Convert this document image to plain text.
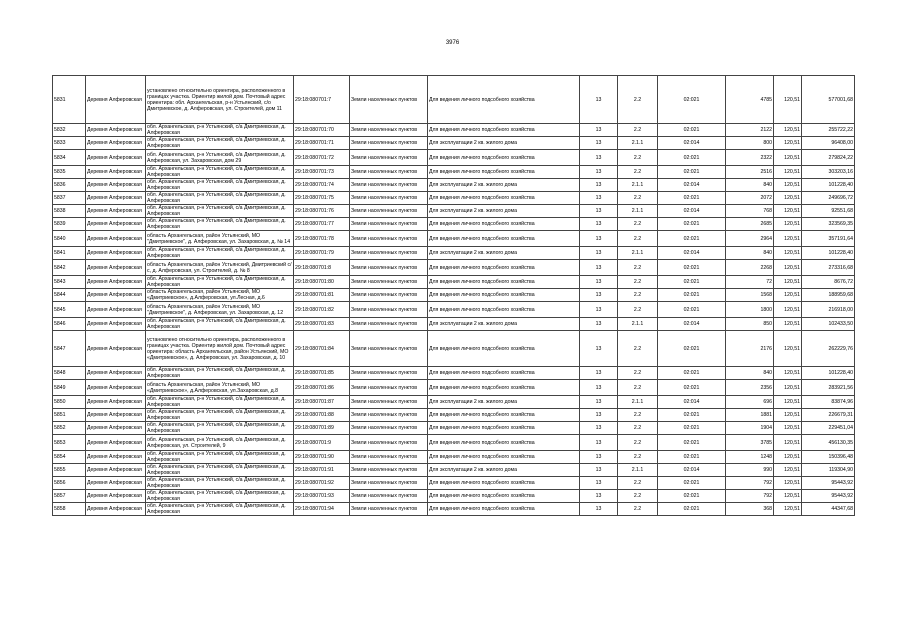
3976
5831	Деревня Алферовская	установлено относительно ориентира, расположенного в границах участка. Ориентир жилой дом. Почтовый адрес ориентира: обл. Архангельская, р-н Устьянский, с/о Дмитриевское, д. Алферовская, ул. Строителей, дом 11	29:18:080701:7	Земли населенных пунктов	Для ведения личного подсобного хозяйства	13	2.2	02:021	4785	120,51	577001,68
5832	Деревня Алферовская	обл. Архангельская, р-н Устьянский, с/а Дмитриевская, д. Алферовская	29:18:080701:70	Земли населенных пунктов	Для ведения личного подсобного хозяйства	13	2.2	02:021	2122	120,51	255722,22
5833	Деревня Алферовская	обл. Архангельская, р-н Устьянский, с/а Дмитриевская, д. Алферовская	29:18:080701:71	Земли населенных пунктов	Для эксплуатации 2 кв. жилого дома	13	2.1.1	02:014	800	120,51	96408,00
5834	Деревня Алферовская	обл. Архангельская, р-н Устьянский, с/а Дмитриевская, д. Алферовская, ул. Захаровская, дом 29	29:18:080701:72	Земли населенных пунктов	Для ведения личного подсобного хозяйства	13	2.2	02:021	2322	120,51	279824,22
5835	Деревня Алферовская	обл. Архангельская, р-н Устьянский, с/а Дмитриевская, д. Алферовская	29:18:080701:73	Земли населенных пунктов	Для ведения личного подсобного хозяйства	13	2.2	02:021	2516	120,51	303203,16
5836	Деревня Алферовская	обл. Архангельская, р-н Устьянский, с/а Дмитриевская, д. Алферовская	29:18:080701:74	Земли населенных пунктов	Для эксплуатации 2 кв. жилого дома	13	2.1.1	02:014	840	120,51	101228,40
5837	Деревня Алферовская	обл. Архангельская, р-н Устьянский, с/а Дмитриевская, д. Алферовская	29:18:080701:75	Земли населенных пунктов	Для ведения личного подсобного хозяйства	13	2.2	02:021	2072	120,51	249696,72
5838	Деревня Алферовская	обл. Архангельская, р-н Устьянский, с/а Дмитриевская, д. Алферовская	29:18:080701:76	Земли населенных пунктов	Для эксплуатации 2 кв. жилого дома	13	2.1.1	02:014	768	120,51	92551,68
5839	Деревня Алферовская	обл. Архангельская, р-н Устьянский, с/а Дмитриевская, д. Алферовская	29:18:080701:77	Земли населенных пунктов	Для ведения личного подсобного хозяйства	13	2.2	02:021	2685	120,51	323569,35
5840	Деревня Алферовская	область Архангельская, район Устьянский, МО "Дмитриевское", д. Алферовская, ул. Захаровская, д. № 14	29:18:080701:78	Земли населенных пунктов	Для ведения личного подсобного хозяйства	13	2.2	02:021	2964	120,51	357191,64
5841	Деревня Алферовская	обл. Архангельская, р-н Устьянский, с/а Дмитриевская, д. Алферовская	29:18:080701:79	Земли населенных пунктов	Для эксплуатации 2 кв. жилого дома	13	2.1.1	02:014	840	120,51	101228,40
5842	Деревня Алферовская	область Архангельская, район Устьянский, Дмитриевский с/с, д. Алферовская, ул. Строителей, д. № 8	29:18:080701:8	Земли населенных пунктов	Для ведения личного подсобного хозяйства	13	2.2	02:021	2268	120,51	273316,68
5843	Деревня Алферовская	обл. Архангельская, р-н Устьянский, с/а Дмитриевская, д. Алферовская	29:18:080701:80	Земли населенных пунктов	Для ведения личного подсобного хозяйства	13	2.2	02:021	72	120,51	8676,72
5844	Деревня Алферовская	область Архангельская, район Устьянский, МО «Дмитриевское», д.Алферовская, ул.Лесная, д.6	29:18:080701:81	Земли населенных пунктов	Для ведения личного подсобного хозяйства	13	2.2	02:021	1568	120,51	188959,68
5845	Деревня Алферовская	область Архангельская, район Устьянский, МО "Дмитриевское", д. Алферовская, ул. Захаровская, д. 12	29:18:080701:82	Земли населенных пунктов	Для ведения личного подсобного хозяйства	13	2.2	02:021	1800	120,51	216918,00
5846	Деревня Алферовская	обл. Архангельская, р-н Устьянский, с/а Дмитриевская, д. Алферовская	29:18:080701:83	Земли населенных пунктов	Для эксплуатации 2 кв. жилого дома	13	2.1.1	02:014	850	120,51	102433,50
5847	Деревня Алферовская	установлено относительно ориентира, расположенного в границах участка. Ориентир жилой дом. Почтовый адрес ориентира: область Архангельская, район Устьянский, МО «Дмитриевское», д. Алферовская, ул. Захаровская, д. 10	29:18:080701:84	Земли населенных пунктов	Для ведения личного подсобного хозяйства	13	2.2	02:021	2176	120,51	262229,76
5848	Деревня Алферовская	обл. Архангельская, р-н Устьянский, с/а Дмитриевская, д. Алферовская	29:18:080701:85	Земли населенных пунктов	Для ведения личного подсобного хозяйства	13	2.2	02:021	840	120,51	101228,40
5849	Деревня Алферовская	область Архангельская, район Устьянский, МО «Дмитриевское», д.Алферовская, ул.Захаровская, д.8	29:18:080701:86	Земли населенных пунктов	Для ведения личного подсобного хозяйства	13	2.2	02:021	2356	120,51	283921,56
5850	Деревня Алферовская	обл. Архангельская, р-н Устьянский, с/а Дмитриевская, д. Алферовская	29:18:080701:87	Земли населенных пунктов	Для эксплуатации 2 кв. жилого дома	13	2.1.1	02:014	696	120,51	83874,96
5851	Деревня Алферовская	обл. Архангельская, р-н Устьянский, с/а Дмитриевская, д. Алферовская	29:18:080701:88	Земли населенных пунктов	Для ведения личного подсобного хозяйства	13	2.2	02:021	1881	120,51	226679,31
5852	Деревня Алферовская	обл. Архангельская, р-н Устьянский, с/а Дмитриевская, д. Алферовская	29:18:080701:89	Земли населенных пунктов	Для ведения личного подсобного хозяйства	13	2.2	02:021	1904	120,51	229451,04
5853	Деревня Алферовская	обл. Архангельская, р-н Устьянский, с/а Дмитриевская, д. Алферовская, ул. Строителей, 9	29:18:080701:9	Земли населенных пунктов	Для ведения личного подсобного хозяйства	13	2.2	02:021	3785	120,51	456130,35
5854	Деревня Алферовская	обл. Архангельская, р-н Устьянский, с/а Дмитриевская, д. Алферовская	29:18:080701:90	Земли населенных пунктов	Для ведения личного подсобного хозяйства	13	2.2	02:021	1248	120,51	150396,48
5855	Деревня Алферовская	обл. Архангельская, р-н Устьянский, с/а Дмитриевская, д. Алферовская	29:18:080701:91	Земли населенных пунктов	Для эксплуатации 2 кв. жилого дома	13	2.1.1	02:014	990	120,51	119304,90
5856	Деревня Алферовская	обл. Архангельская, р-н Устьянский, с/а Дмитриевская, д. Алферовская	29:18:080701:92	Земли населенных пунктов	Для ведения личного подсобного хозяйства	13	2.2	02:021	792	120,51	95443,92
5857	Деревня Алферовская	обл. Архангельская, р-н Устьянский, с/а Дмитриевская, д. Алферовская	29:18:080701:93	Земли населенных пунктов	Для ведения личного подсобного хозяйства	13	2.2	02:021	792	120,51	95443,92
5858	Деревня Алферовская	обл. Архангельская, р-н Устьянский, с/а Дмитриевская, д. Алферовская	29:18:080701:94	Земли населенных пунктов	Для ведения личного подсобного хозяйства	13	2.2	02:021	368	120,51	44347,68
